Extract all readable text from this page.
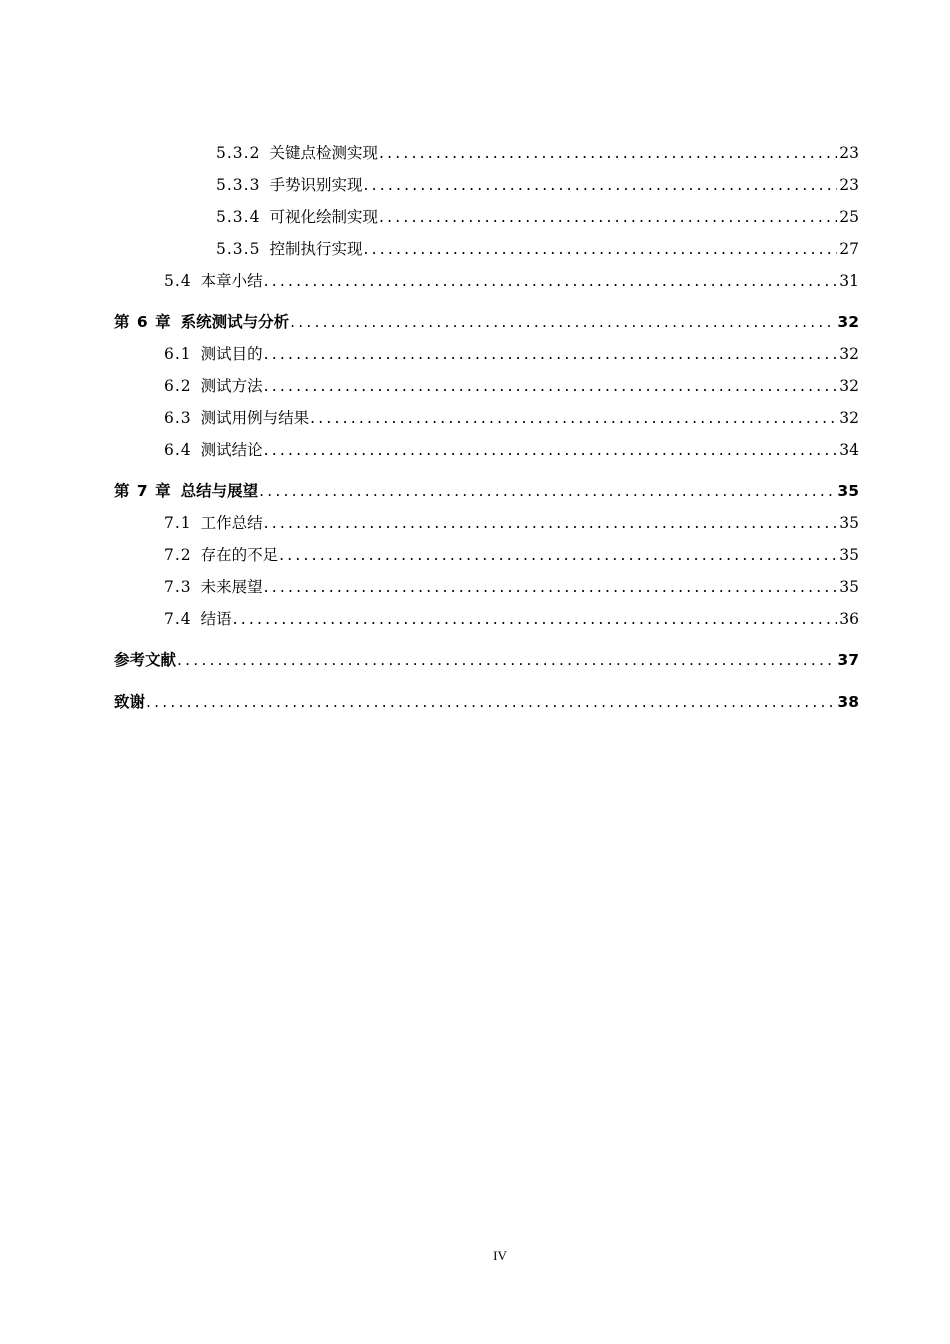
5.3.2 关键点检测实现 .....	23
5.3.3 手势识别实现 .....	23
5.3.4 可视化绘制实现 .....	25
5.3.5 控制执行实现 .....	27
5.4 本章小结 .....	31
第 6 章 系统测试与分析 .....	32
6.1 测试目的 .....	32
6.2 测试方法 .....	32
6.3 测试用例与结果 .....	32
6.4 测试结论 .....	34
第 7 章 总结与展望 .....	35
7.1 工作总结 .....	35
7.2 存在的不足 .....	35
7.3 未来展望 .....	35
7.4 结语 .....	36
参考文献 .....	37
致谢 .....	38
IV
